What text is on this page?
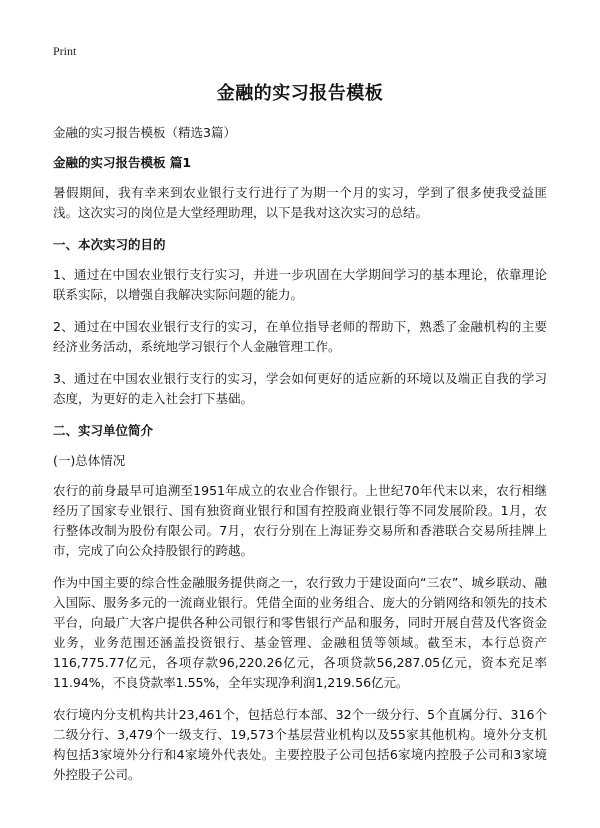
Print
金融的实习报告模板
金融的实习报告模板（精选3篇）
金融的实习报告模板 篇1
暑假期间，我有幸来到农业银行支行进行了为期一个月的实习，学到了很多使我受益匪浅。这次实习的岗位是大堂经理助理，以下是我对这次实习的总结。
一、本次实习的目的
1、通过在中国农业银行支行实习，并进一步巩固在大学期间学习的基本理论，依靠理论联系实际，以增强自我解决实际问题的能力。
2、通过在中国农业银行支行的实习，在单位指导老师的帮助下，熟悉了金融机构的主要经济业务活动，系统地学习银行个人金融管理工作。
3、通过在中国农业银行支行的实习，学会如何更好的适应新的环境以及端正自我的学习态度，为更好的走入社会打下基础。
二、实习单位简介
(一)总体情况
农行的前身最早可追溯至1951年成立的农业合作银行。上世纪70年代末以来，农行相继经历了国家专业银行、国有独资商业银行和国有控股商业银行等不同发展阶段。1月，农行整体改制为股份有限公司。7月，农行分别在上海证券交易所和香港联合交易所挂牌上市，完成了向公众持股银行的跨越。
作为中国主要的综合性金融服务提供商之一，农行致力于建设面向“三农”、城乡联动、融入国际、服务多元的一流商业银行。凭借全面的业务组合、庞大的分销网络和领先的技术平台，向最广大客户提供各种公司银行和零售银行产品和服务，同时开展自营及代客资金业务，业务范围还涵盖投资银行、基金管理、金融租赁等领域。截至末，本行总资产116,775.77亿元，各项存款96,220.26亿元，各项贷款56,287.05亿元，资本充足率11.94%，不良贷款率1.55%，全年实现净利润1,219.56亿元。
农行境内分支机构共计23,461个，包括总行本部、32个一级分行、5个直属分行、316个二级分行、3,479个一级支行、19,573个基层营业机构以及55家其他机构。境外分支机构包括3家境外分行和4家境外代表处。主要控股子公司包括6家境内控股子公司和3家境外控股子公司。
